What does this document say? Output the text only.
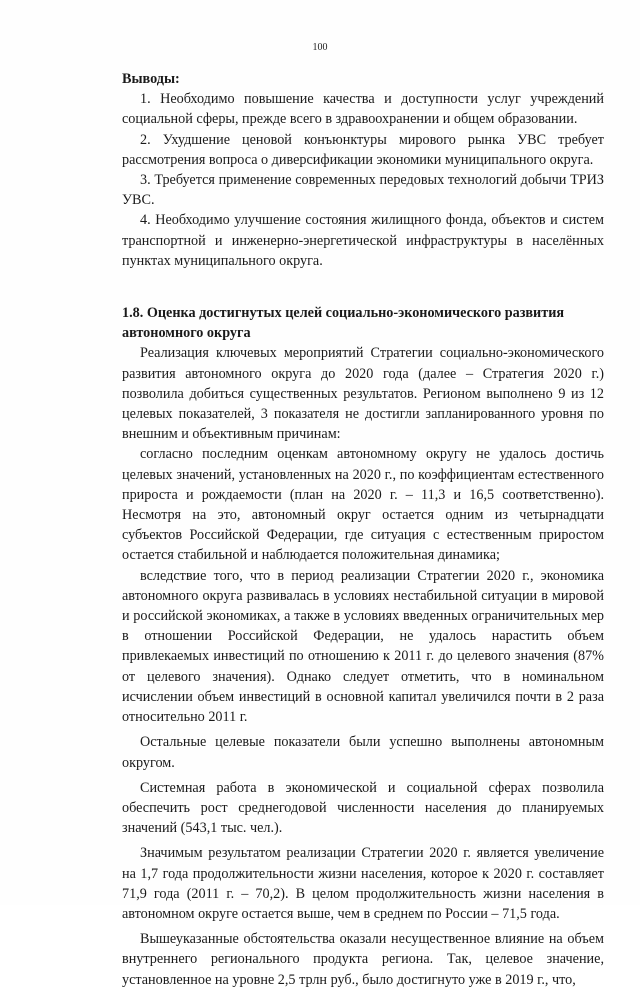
100

Выводы:

1. Необходимо повышение качества и доступности услуг учреждений социальной сферы, прежде всего в здравоохранении и общем образовании.

2. Ухудшение ценовой конъюнктуры мирового рынка УВС требует рассмотрения вопроса о диверсификации экономики муниципального округа.

3. Требуется применение современных передовых технологий добычи ТРИЗ УВС.

4. Необходимо улучшение состояния жилищного фонда, объектов и систем транспортной и инженерно-энергетической инфраструктуры в населённых пунктах муниципального округа.

1.8. Оценка достигнутых целей социально-экономического развития автономного округа

Реализация ключевых мероприятий Стратегии социально-экономического развития автономного округа до 2020 года (далее – Стратегия 2020 г.) позволила добиться существенных результатов. Регионом выполнено 9 из 12 целевых показателей, 3 показателя не достигли запланированного уровня по внешним и объективным причинам:

согласно последним оценкам автономному округу не удалось достичь целевых значений, установленных на 2020 г., по коэффициентам естественного прироста и рождаемости (план на 2020 г. – 11,3 и 16,5 соответственно). Несмотря на это, автономный округ остается одним из четырнадцати субъектов Российской Федерации, где ситуация с естественным приростом остается стабильной и наблюдается положительная динамика;

вследствие того, что в период реализации Стратегии 2020 г., экономика автономного округа развивалась в условиях нестабильной ситуации в мировой и российской экономиках, а также в условиях введенных ограничительных мер в отношении Российской Федерации, не удалось нарастить объем привлекаемых инвестиций по отношению к 2011 г. до целевого значения (87% от целевого значения). Однако следует отметить, что в номинальном исчислении объем инвестиций в основной капитал увеличился почти в 2 раза относительно 2011 г.

Остальные целевые показатели были успешно выполнены автономным округом.

Системная работа в экономической и социальной сферах позволила обеспечить рост среднегодовой численности населения до планируемых значений (543,1 тыс. чел.).

Значимым результатом реализации Стратегии 2020 г. является увеличение на 1,7 года продолжительности жизни населения, которое к 2020 г. составляет 71,9 года (2011 г. – 70,2). В целом продолжительность жизни населения в автономном округе остается выше, чем в среднем по России – 71,5 года.

Вышеуказанные обстоятельства оказали несущественное влияние на объем внутреннего регионального продукта региона. Так, целевое значение, установленное на уровне 2,5 трлн руб., было достигнуто уже в 2019 г., что,
